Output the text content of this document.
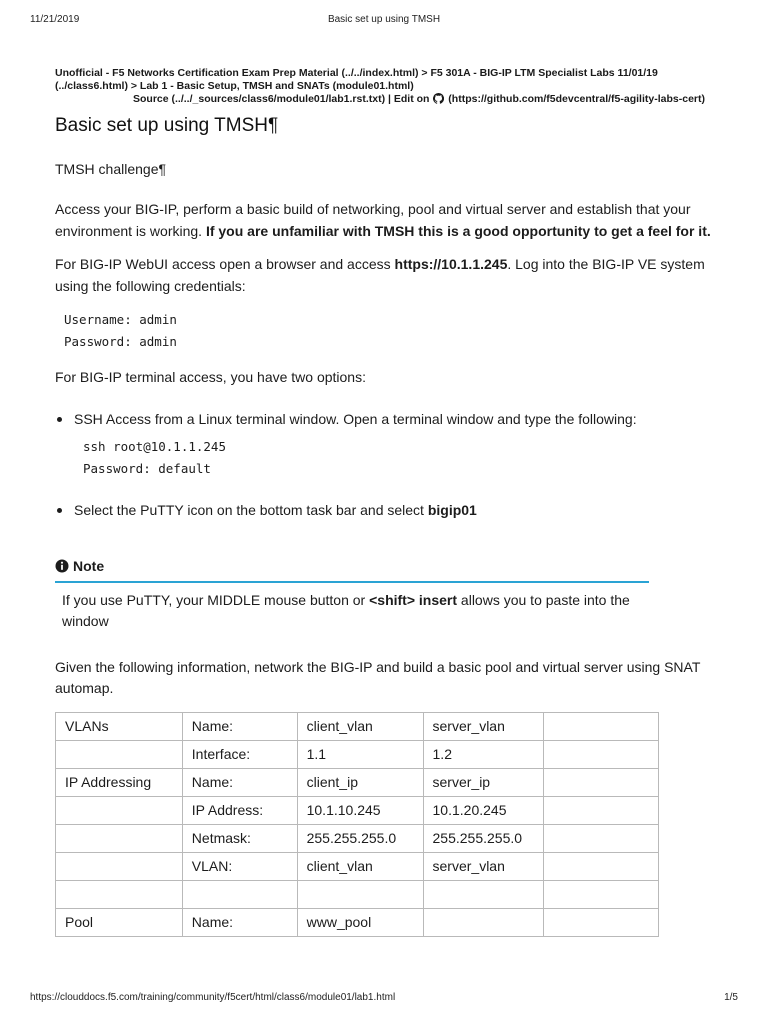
11/21/2019	Basic set up using TMSH
Unofficial - F5 Networks Certification Exam Prep Material (../../index.html) > F5 301A - BIG-IP LTM Specialist Labs 11/01/19
(../class6.html) > Lab 1 - Basic Setup, TMSH and SNATs (module01.html)
Source (../../_sources/class6/module01/lab1.rst.txt) | Edit on (https://github.com/f5devcentral/f5-agility-labs-cert)
Basic set up using TMSH¶
TMSH challenge¶

Access your BIG-IP, perform a basic build of networking, pool and virtual server and establish that your environment is working. If you are unfamiliar with TMSH this is a good opportunity to get a feel for it.

For BIG-IP WebUI access open a browser and access https://10.1.1.245. Log into the BIG-IP VE system using the following credentials:

Username: admin
Password: admin

For BIG-IP terminal access, you have two options:

SSH Access from a Linux terminal window. Open a terminal window and type the following:
ssh root@10.1.1.245
Password: default
Select the PuTTY icon on the bottom task bar and select bigip01
Note
If you use PuTTY, your MIDDLE mouse button or <shift> insert allows you to paste into the window

Given the following information, network the BIG-IP and build a basic pool and virtual server using SNAT automap.

VLANs	Name:	client_vlan	server_vlan	
	Interface:	1.1	1.2	
IP Addressing	Name:	client_ip	server_ip	
	IP Address:	10.1.10.245	10.1.20.245	
	Netmask:	255.255.255.0	255.255.255.0	
	VLAN:	client_vlan	server_vlan	

Pool	Name:	www_pool		
https://clouddocs.f5.com/training/community/f5cert/html/class6/module01/lab1.html	1/5
